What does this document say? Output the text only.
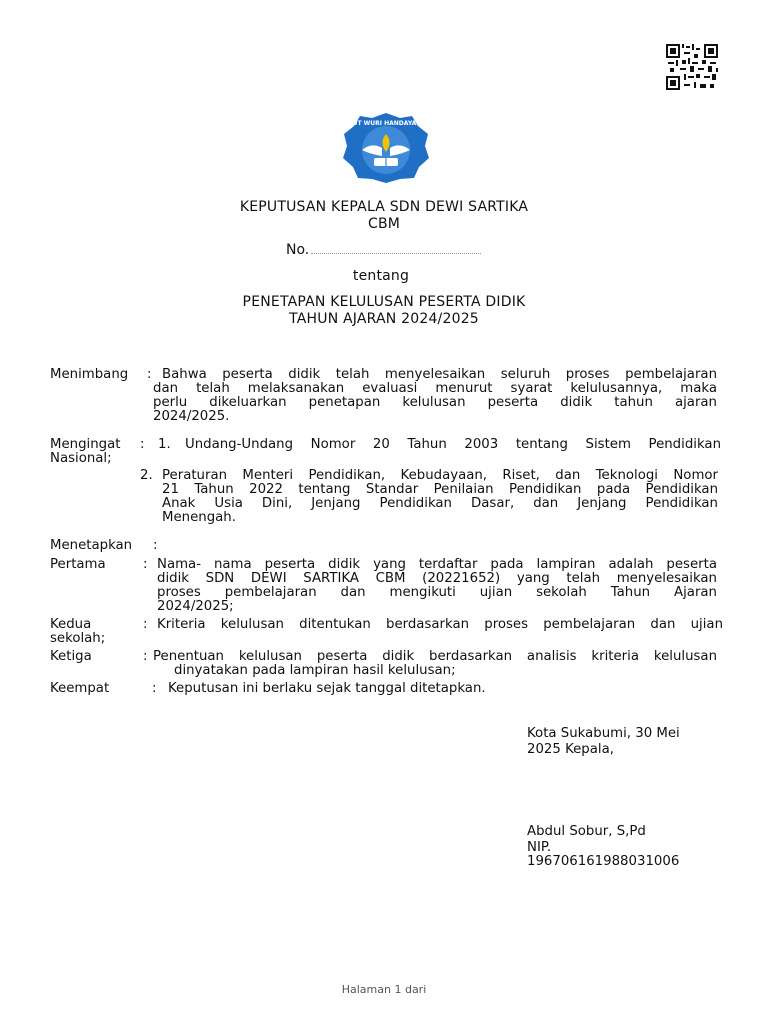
TUT WURI HANDAYANI
KEPUTUSAN KEPALA SDN DEWI SARTIKA
CBM
No.
tentang
PENETAPAN KELULUSAN PESERTA DIDIK
TAHUN AJARAN 2024/2025
Menimbang : Bahwa peserta didik telah menyelesaikan seluruh proses pembelajaran
dan telah melaksanakan evaluasi menurut syarat kelulusannya, maka
perlu dikeluarkan penetapan kelulusan peserta didik tahun ajaran
2024/2025.
Mengingat : 1. Undang-Undang Nomor 20 Tahun 2003 tentang Sistem Pendidikan
Nasional;
2. Peraturan Menteri Pendidikan, Kebudayaan, Riset, dan Teknologi Nomor
21 Tahun 2022 tentang Standar Penilaian Pendidikan pada Pendidikan
Anak Usia Dini, Jenjang Pendidikan Dasar, dan Jenjang Pendidikan
Menengah.
Menetapkan :
Pertama	: Nama- nama peserta didik yang terdaftar pada lampiran adalah peserta
didik SDN DEWI SARTIKA CBM (20221652) yang telah menyelesaikan
proses pembelajaran dan mengikuti ujian sekolah Tahun Ajaran
2024/2025;
Kedua	: Kriteria kelulusan ditentukan berdasarkan proses pembelajaran dan ujian
sekolah;
Ketiga	: Penentuan kelulusan peserta didik berdasarkan analisis kriteria kelulusan
dinyatakan pada lampiran hasil kelulusan;
Keempat	: Keputusan ini berlaku sejak tanggal ditetapkan.
Kota Sukabumi, 30 Mei
2025 Kepala,
Abdul Sobur, S,Pd
NIP.
196706161988031006
Halaman 1 dari
